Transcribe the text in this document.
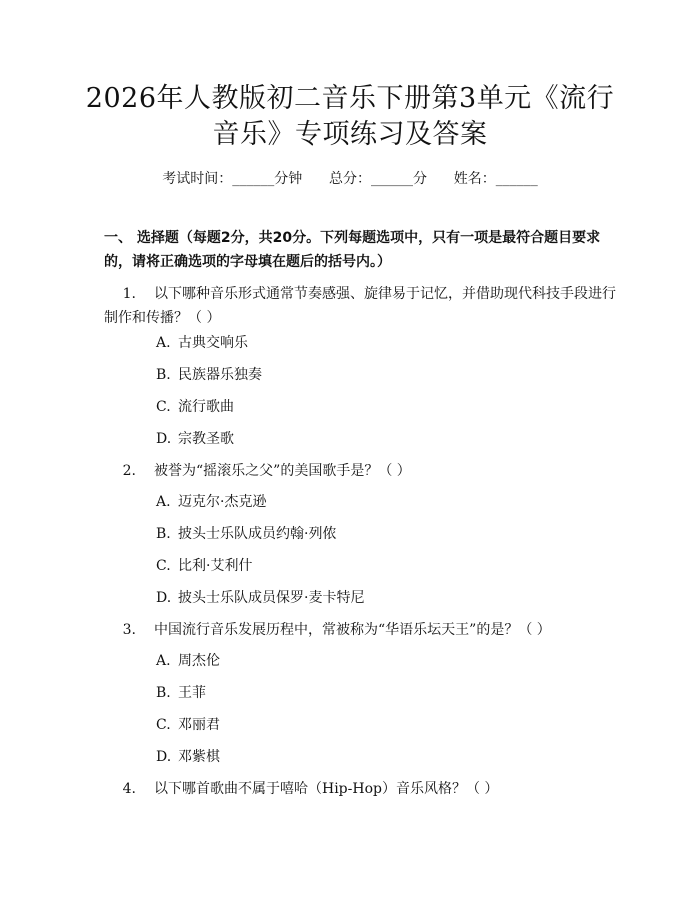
2026年人教版初二音乐下册第3单元《流行
音乐》专项练习及答案
考试时间：______分钟 总分：______分 姓名：______
一、 选择题（每题2分，共20分。下列每题选项中，只有一项是最符合题目要求的，请将正确选项的字母填在题后的括号内。）
1. 以下哪种音乐形式通常节奏感强、旋律易于记忆，并借助现代科技手段进行制作和传播？（ ）
A. 古典交响乐
B. 民族器乐独奏
C. 流行歌曲
D. 宗教圣歌
2. 被誉为“摇滚乐之父”的美国歌手是？（ ）
A. 迈克尔·杰克逊
B. 披头士乐队成员约翰·列侬
C. 比利·艾利什
D. 披头士乐队成员保罗·麦卡特尼
3. 中国流行音乐发展历程中，常被称为“华语乐坛天王”的是？（ ）
A. 周杰伦
B. 王菲
C. 邓丽君
D. 邓紫棋
4. 以下哪首歌曲不属于嘻哈（Hip-Hop）音乐风格？（ ）
